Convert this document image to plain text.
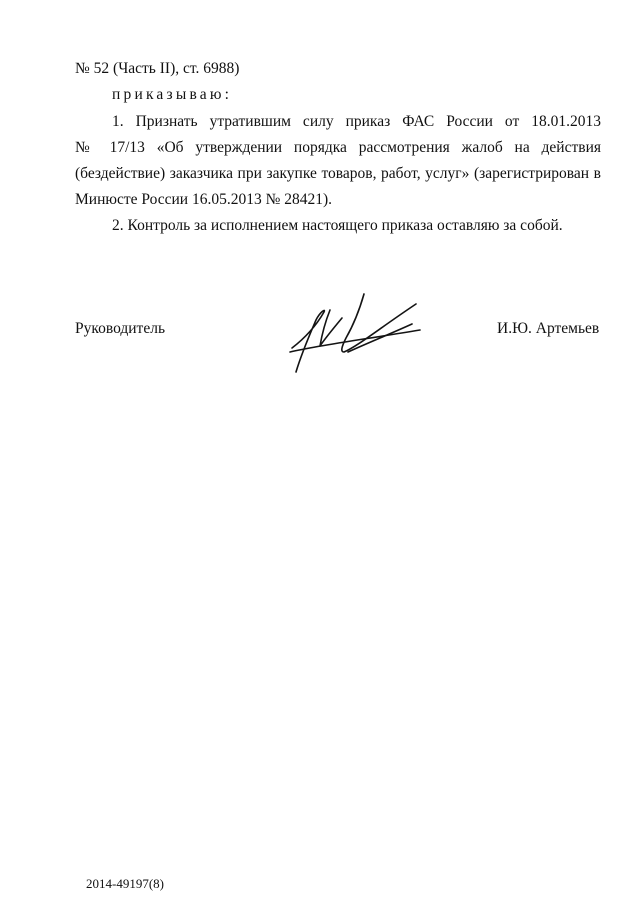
№ 52 (Часть II), ст. 6988)
приказываю:
1. Признать утратившим силу приказ ФАС России от 18.01.2013
№ 17/13 «Об утверждении порядка рассмотрения жалоб на действия
(бездействие) заказчика при закупке товаров, работ, услуг» (зарегистрирован в
Минюсте России 16.05.2013 № 28421).
2. Контроль за исполнением настоящего приказа оставляю за собой.
Руководитель	И.Ю. Артемьев
2014-49197(8)
